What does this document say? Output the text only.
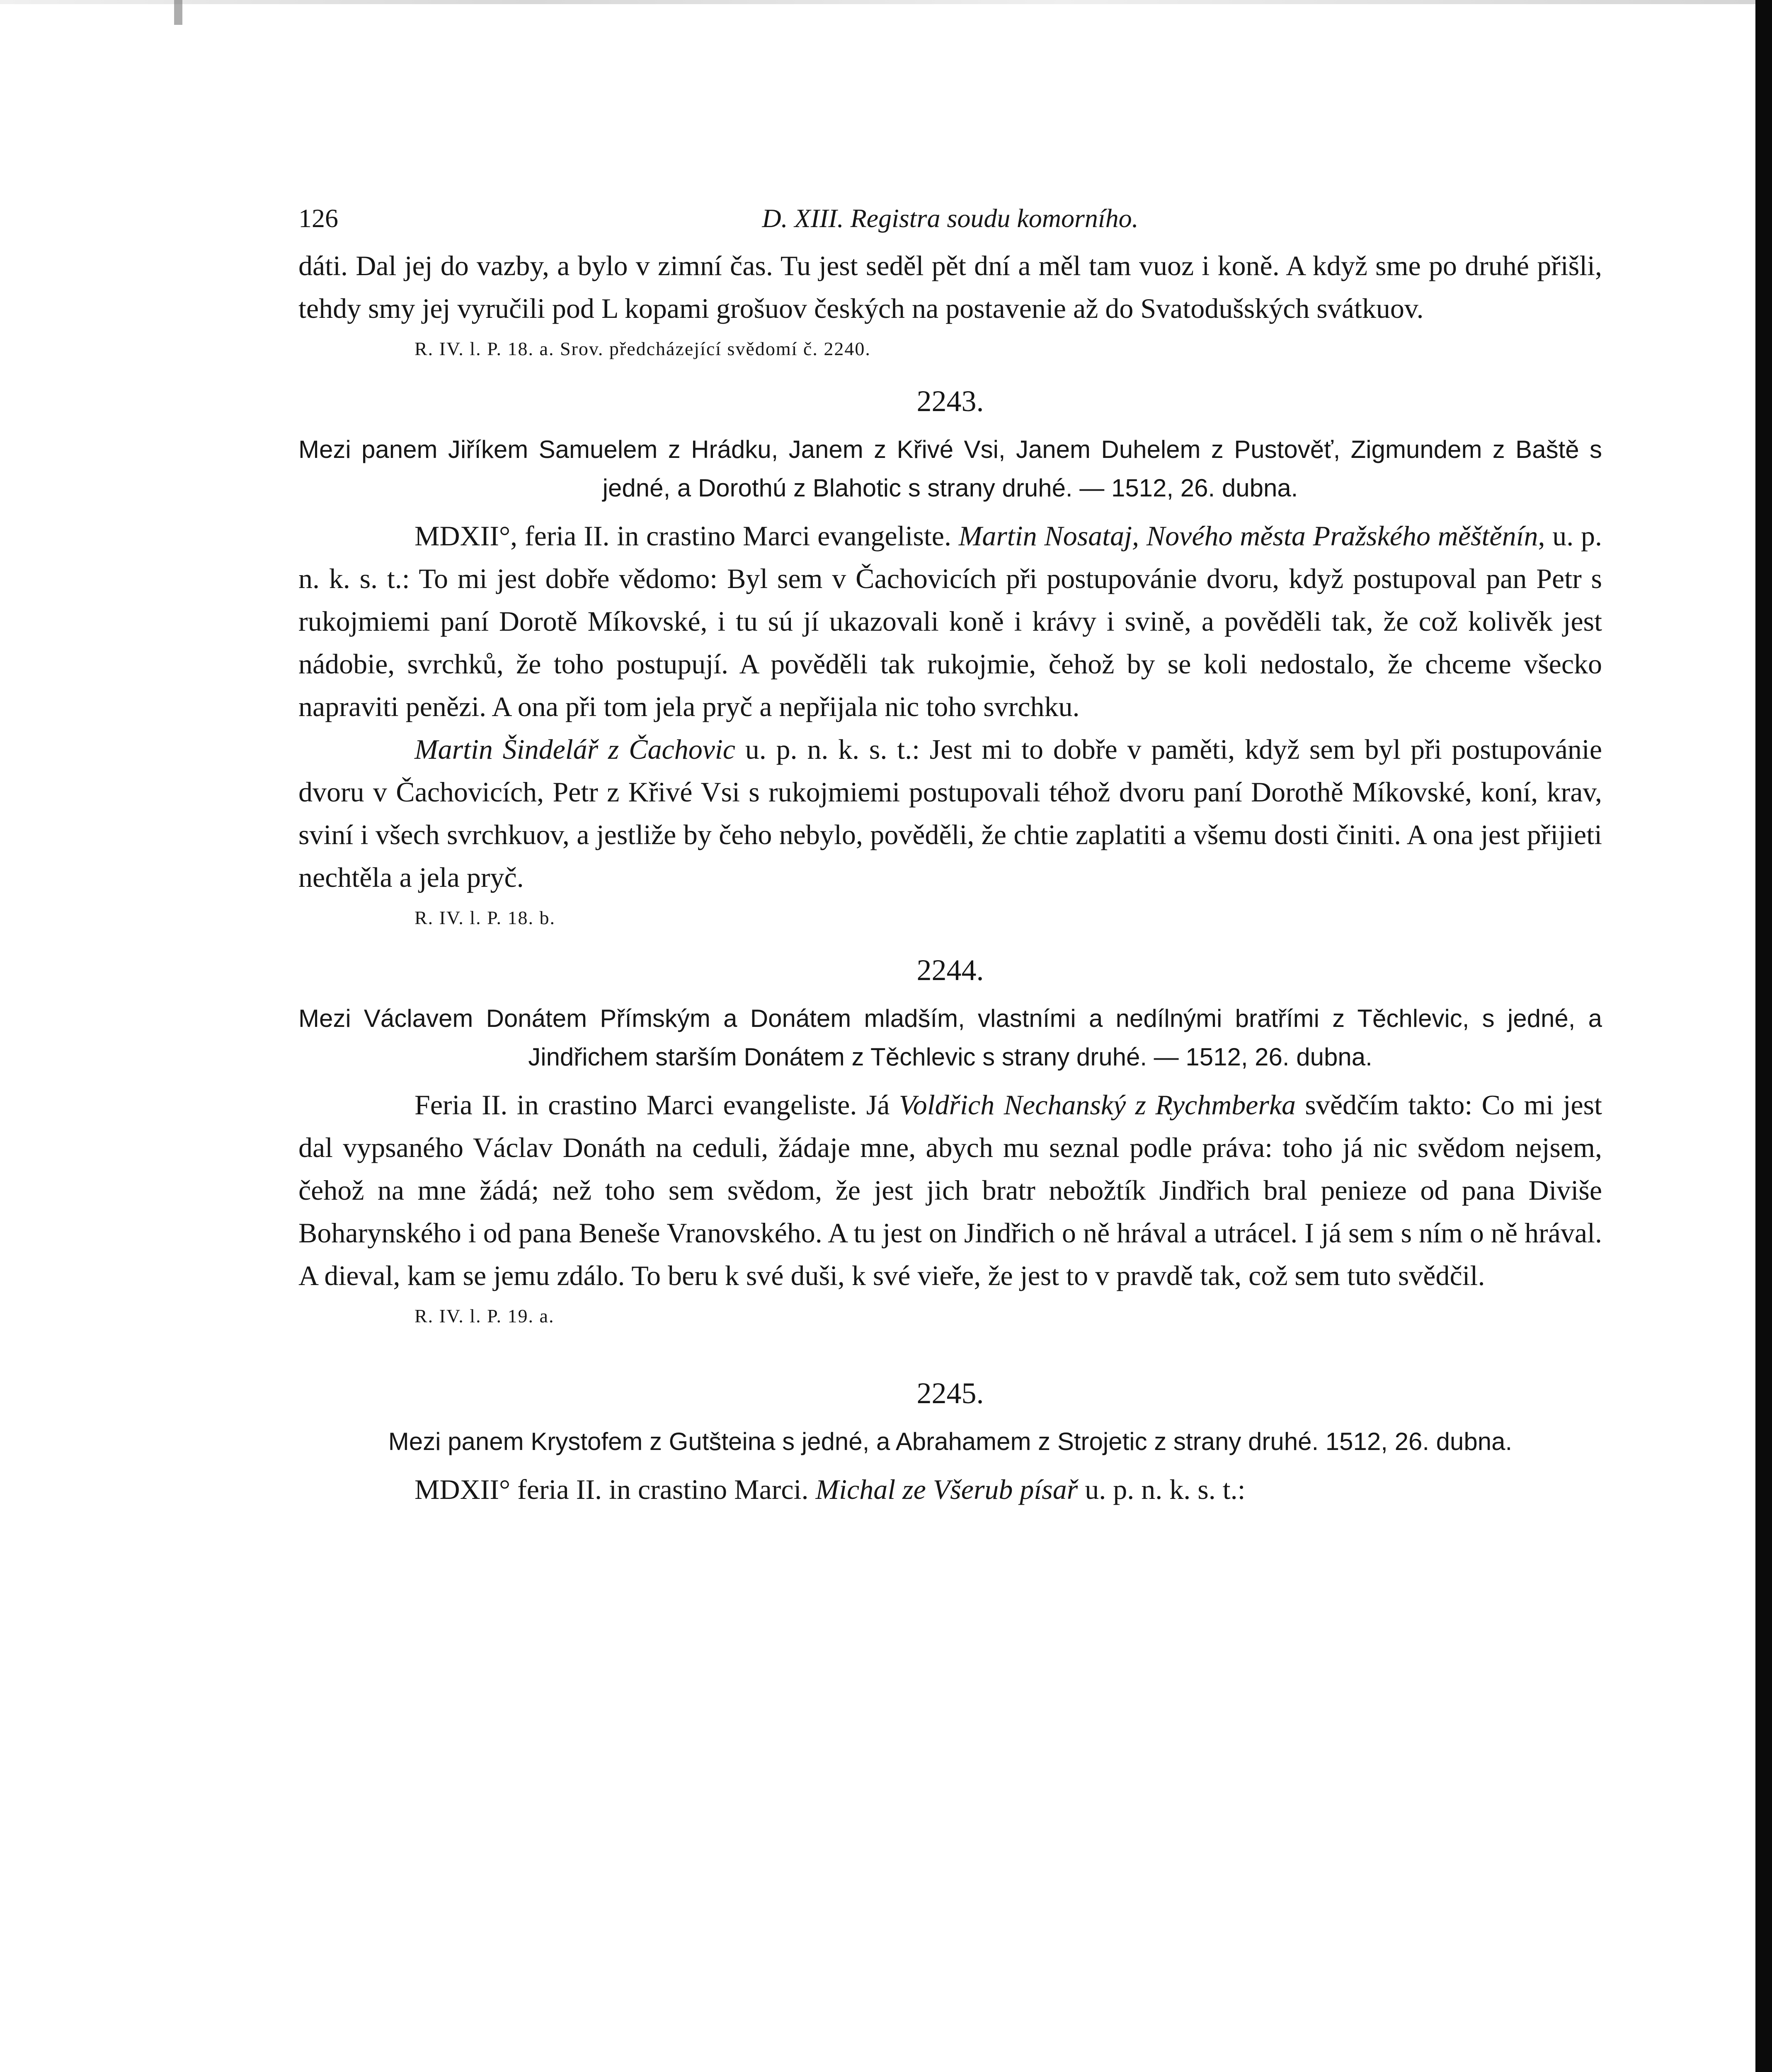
126	D. XIII. Registra soudu komorního.

dáti. Dal jej do vazby, a bylo v zimní čas. Tu jest seděl pět dní a měl tam vuoz i koně. A když sme po druhé přišli, tehdy smy jej vyručili pod L kopami grošuov českých na postavenie až do Svatodušských svátkuov.

R. IV. l. P. 18. a. Srov. předcházející svědomí č. 2240.

2243.

Mezi panem Jiříkem Samuelem z Hrádku, Janem z Křivé Vsi, Janem Duhelem z Pustověť, Zigmundem z Baště s jedné, a Dorothú z Blahotic s strany druhé. — 1512, 26. dubna.

MDXII°, feria II. in crastino Marci evangeliste. Martin Nosataj, Nového města Pražského měštěnín, u. p. n. k. s. t.: To mi jest dobře vědomo: Byl sem v Čachovicích při postupovánie dvoru, když postupoval pan Petr s rukojmiemi paní Dorotě Míkovské, i tu sú jí ukazovali koně i krávy i svině, a pověděli tak, že což kolivěk jest nádobie, svrchků, že toho postupují. A pověděli tak rukojmie, čehož by se koli nedostalo, že chceme všecko napraviti penězi. A ona při tom jela pryč a nepřijala nic toho svrchku.

Martin Šindelář z Čachovic u. p. n. k. s. t.: Jest mi to dobře v paměti, když sem byl při postupovánie dvoru v Čachovicích, Petr z Křivé Vsi s rukojmiemi postupovali téhož dvoru paní Dorothě Míkovské, koní, krav, sviní i všech svrchkuov, a jestliže by čeho nebylo, pověděli, že chtie zaplatiti a všemu dosti činiti. A ona jest přijieti nechtěla a jela pryč.

R. IV. l. P. 18. b.

2244.

Mezi Václavem Donátem Přímským a Donátem mladším, vlastními a nedílnými bratřími z Těchlevic, s jedné, a Jindřichem starším Donátem z Těchlevic s strany druhé. — 1512, 26. dubna.

Feria II. in crastino Marci evangeliste. Já Voldřich Nechanský z Rychmberka svědčím takto: Co mi jest dal vypsaného Václav Donáth na ceduli, žádaje mne, abych mu seznal podle práva: toho já nic svědom nejsem, čehož na mne žádá; než toho sem svědom, že jest jich bratr nebožtík Jindřich bral penieze od pana Diviše Boharynského i od pana Beneše Vranovského. A tu jest on Jindřich o ně hrával a utrácel. I já sem s ním o ně hrával. A dieval, kam se jemu zdálo. To beru k své duši, k své vieře, že jest to v pravdě tak, což sem tuto svědčil.

R. IV. l. P. 19. a.

2245.

Mezi panem Krystofem z Gutšteina s jedné, a Abrahamem z Strojetic z strany druhé. 1512, 26. dubna.

MDXII° feria II. in crastino Marci. Michal ze Všerub písař u. p. n. k. s. t.:
